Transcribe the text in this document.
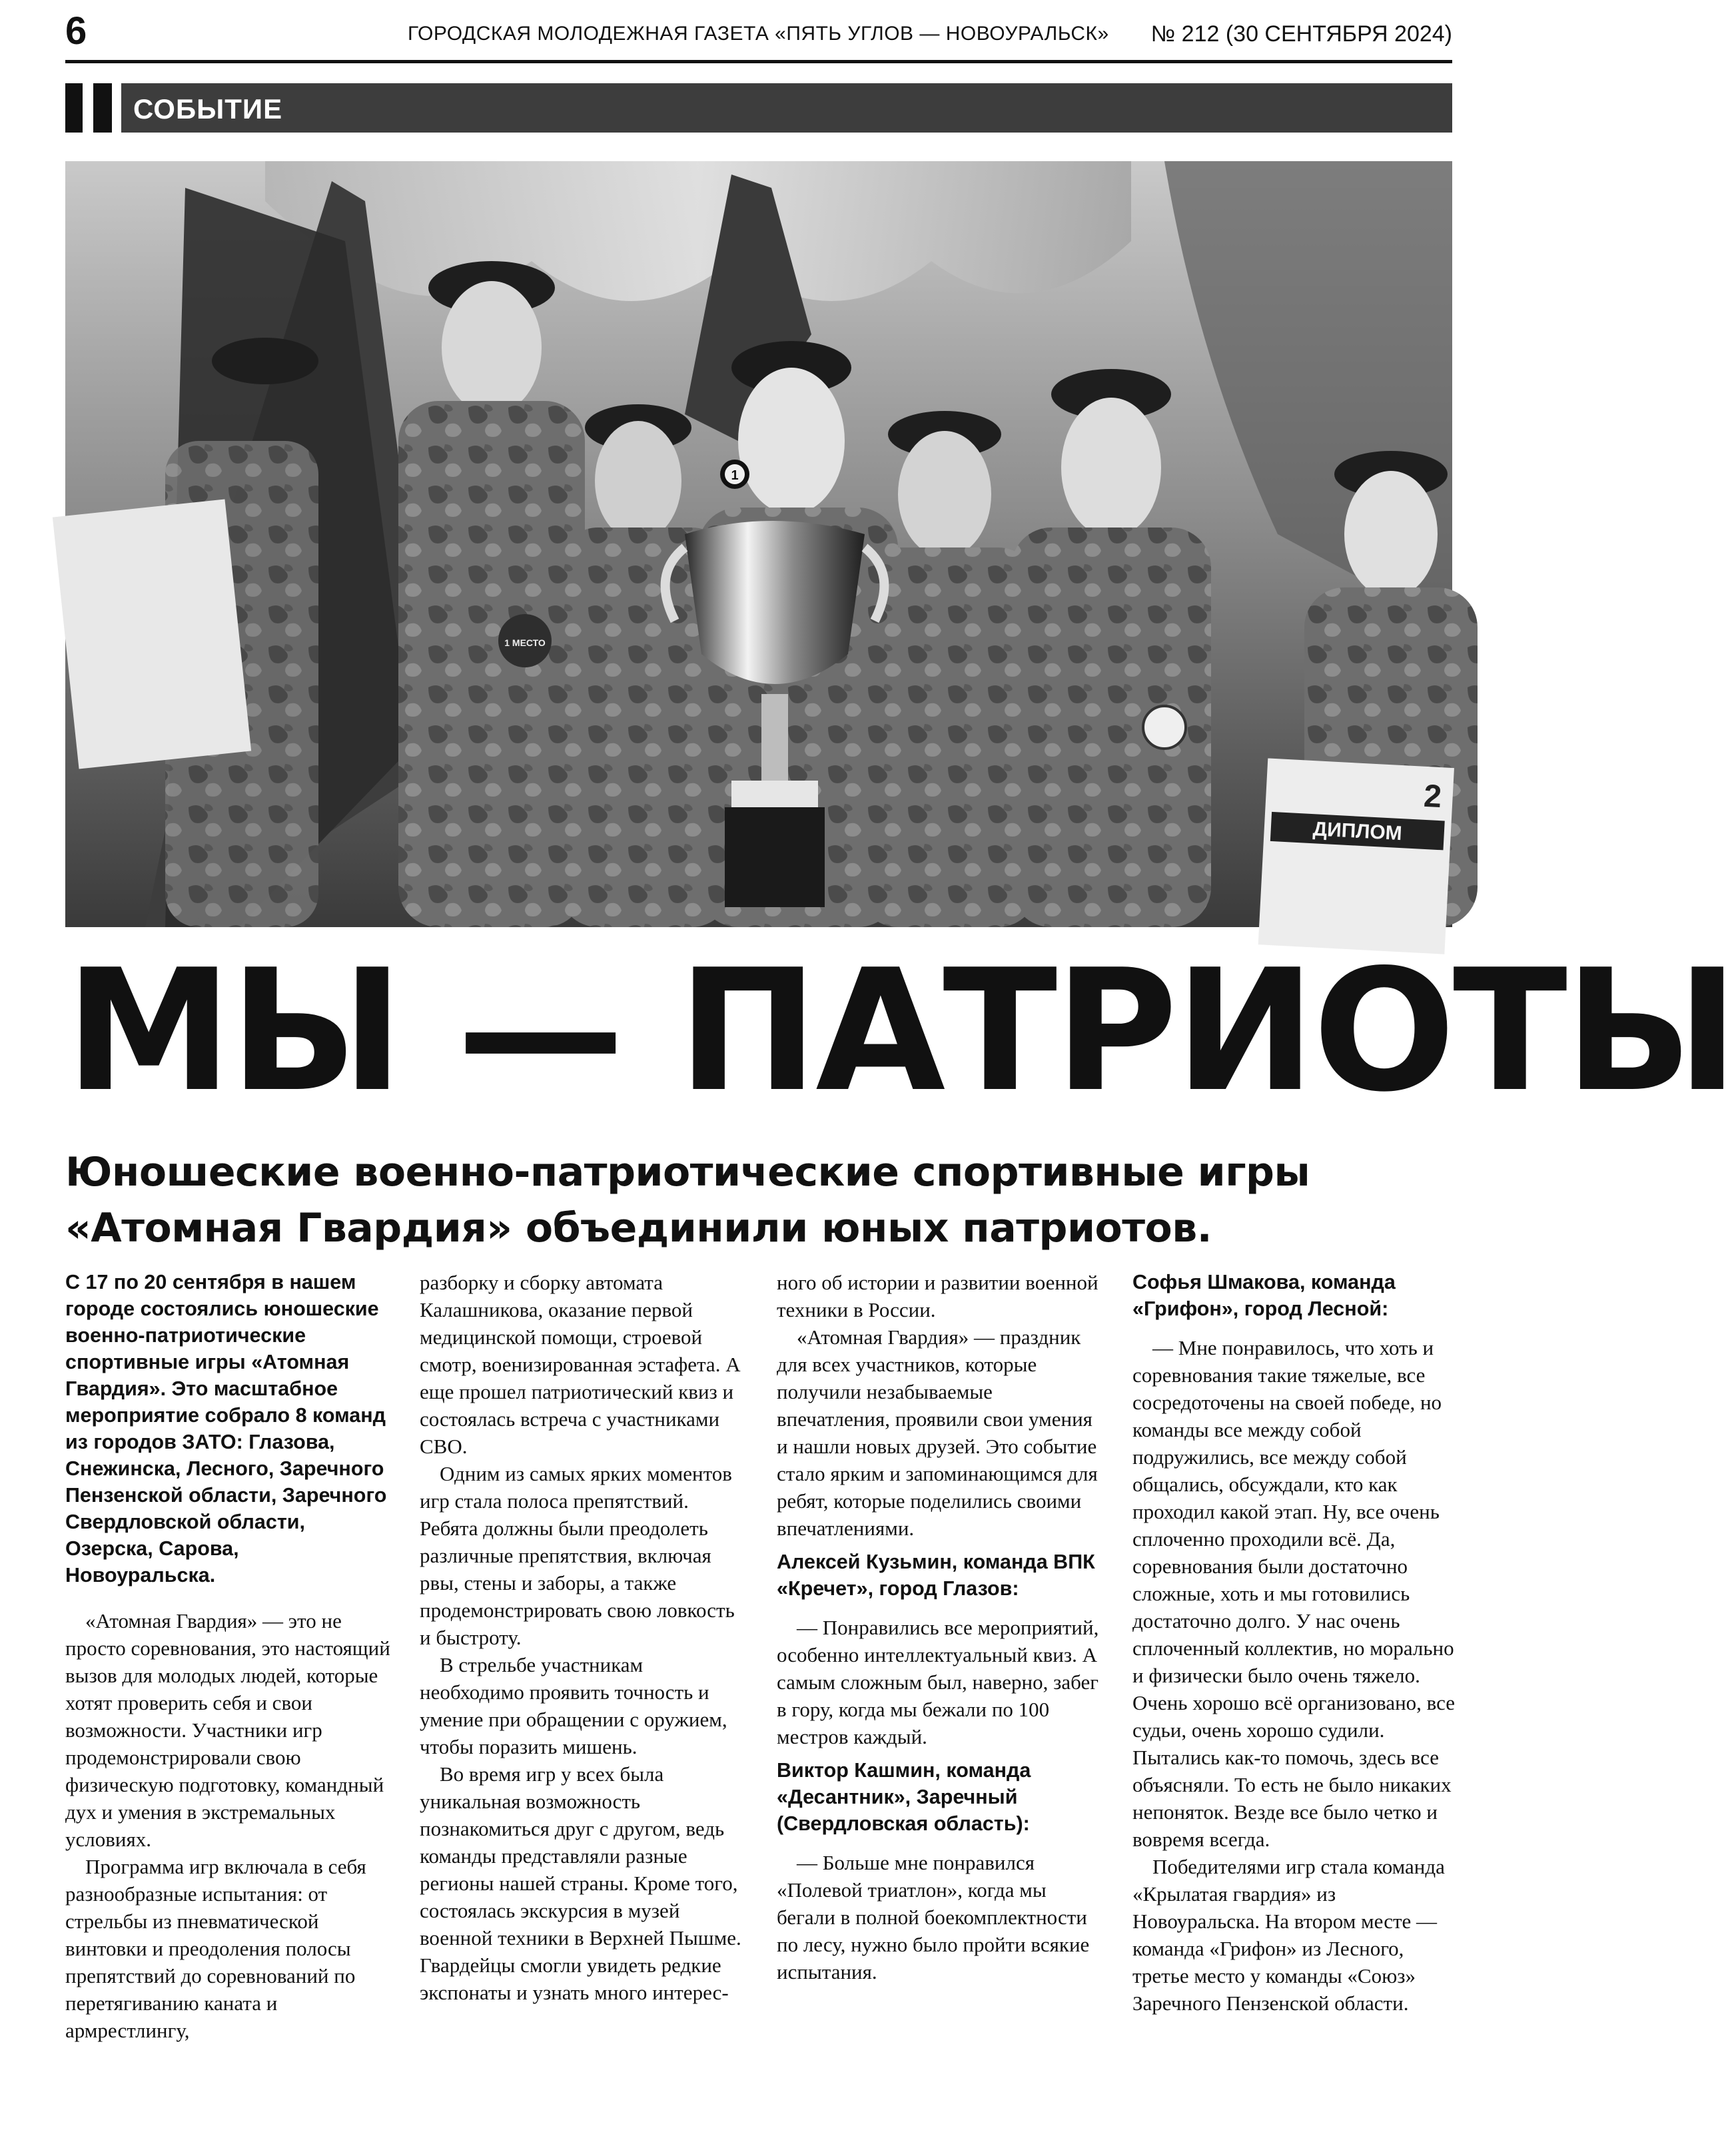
6	ГОРОДСКАЯ МОЛОДЕЖНАЯ ГАЗЕТА «ПЯТЬ УГЛОВ — НОВОУРАЛЬСК» № 212 (30 СЕНТЯБРЯ 2024)
СОБЫТИЕ
1
1 МЕСТО
ДИПЛОМ
2
МЫ — ПАТРИОТЫ
Юношеские военно-патриотические спортивные игры
«Атомная Гвардия» объединили юных патриотов.

С 17 по 20 сентября в нашем городе состоялись юношеские военно-патриотические спортивные игры «Атомная Гвардия». Это масштабное мероприятие собрало 8 команд из городов ЗАТО: Глазова, Снежинска, Лесного, Заречного Пензенской области, Заречного Свердловской области, Озерска, Сарова, Новоуральска.

«Атомная Гвардия» — это не просто соревнования, это настоящий вызов для молодых людей, которые хотят проверить себя и свои возможности. Участники игр продемонстрировали свою физическую подготовку, командный дух и умения в экстремальных условиях.

Программа игр включала в себя разнообразные испытания: от стрельбы из пневматической винтовки и преодоления полосы препятствий до соревнований по перетягиванию каната и армрестлингу,

разборку и сборку автомата Калашникова, оказание первой медицинской помощи, строевой смотр, военизированная эстафета. А еще прошел патриотический квиз и состоялась встреча с участниками СВО.

Одним из самых ярких моментов игр стала полоса препятствий. Ребята должны были преодолеть различные препятствия, включая рвы, стены и заборы, а также продемонстрировать свою ловкость и быстроту.

В стрельбе участникам необходимо проявить точность и умение при обращении с оружием, чтобы поразить мишень.

Во время игр у всех была уникальная возможность познакомиться друг с другом, ведь команды представляли разные регионы нашей страны. Кроме того, состоялась экскурсия в музей военной техники в Верхней Пышме. Гвардейцы смогли увидеть редкие экспонаты и узнать много интерес-

ного об истории и развитии военной техники в России.

«Атомная Гвардия» — праздник для всех участников, которые получили незабываемые впечатления, проявили свои умения и нашли новых друзей. Это событие стало ярким и запоминающимся для ребят, которые поделились своими впечатлениями.

Алексей Кузьмин, команда ВПК «Кречет», город Глазов:

— Понравились все мероприятий, особенно интеллектуальный квиз. А самым сложным был, наверно, забег в гору, когда мы бежали по 100 местров каждый.

Виктор Кашмин, команда «Десантник», Заречный (Свердловская область):

— Больше мне понравился «Полевой триатлон», когда мы бегали в полной боекомплектности по лесу, нужно было пройти всякие испытания.

Софья Шмакова, команда «Грифон», город Лесной:

— Мне понравилось, что хоть и соревнования такие тяжелые, все сосредоточены на своей победе, но команды все между собой подружились, все между собой общались, обсуждали, кто как проходил какой этап. Ну, все очень сплоченно проходили всё. Да, соревнования были достаточно сложные, хоть и мы готовились достаточно долго. У нас очень сплоченный коллектив, но морально и физически было очень тяжело. Очень хорошо всё организовано, все судьи, очень хорошо судили. Пытались как-то помочь, здесь все объясняли. То есть не было никаких непоняток. Везде все было четко и вовремя всегда.

Победителями игр стала команда «Крылатая гвардия» из Новоуральска. На втором месте — команда «Грифон» из Лесного, третье место у команды «Союз» Заречного Пензенской области.
